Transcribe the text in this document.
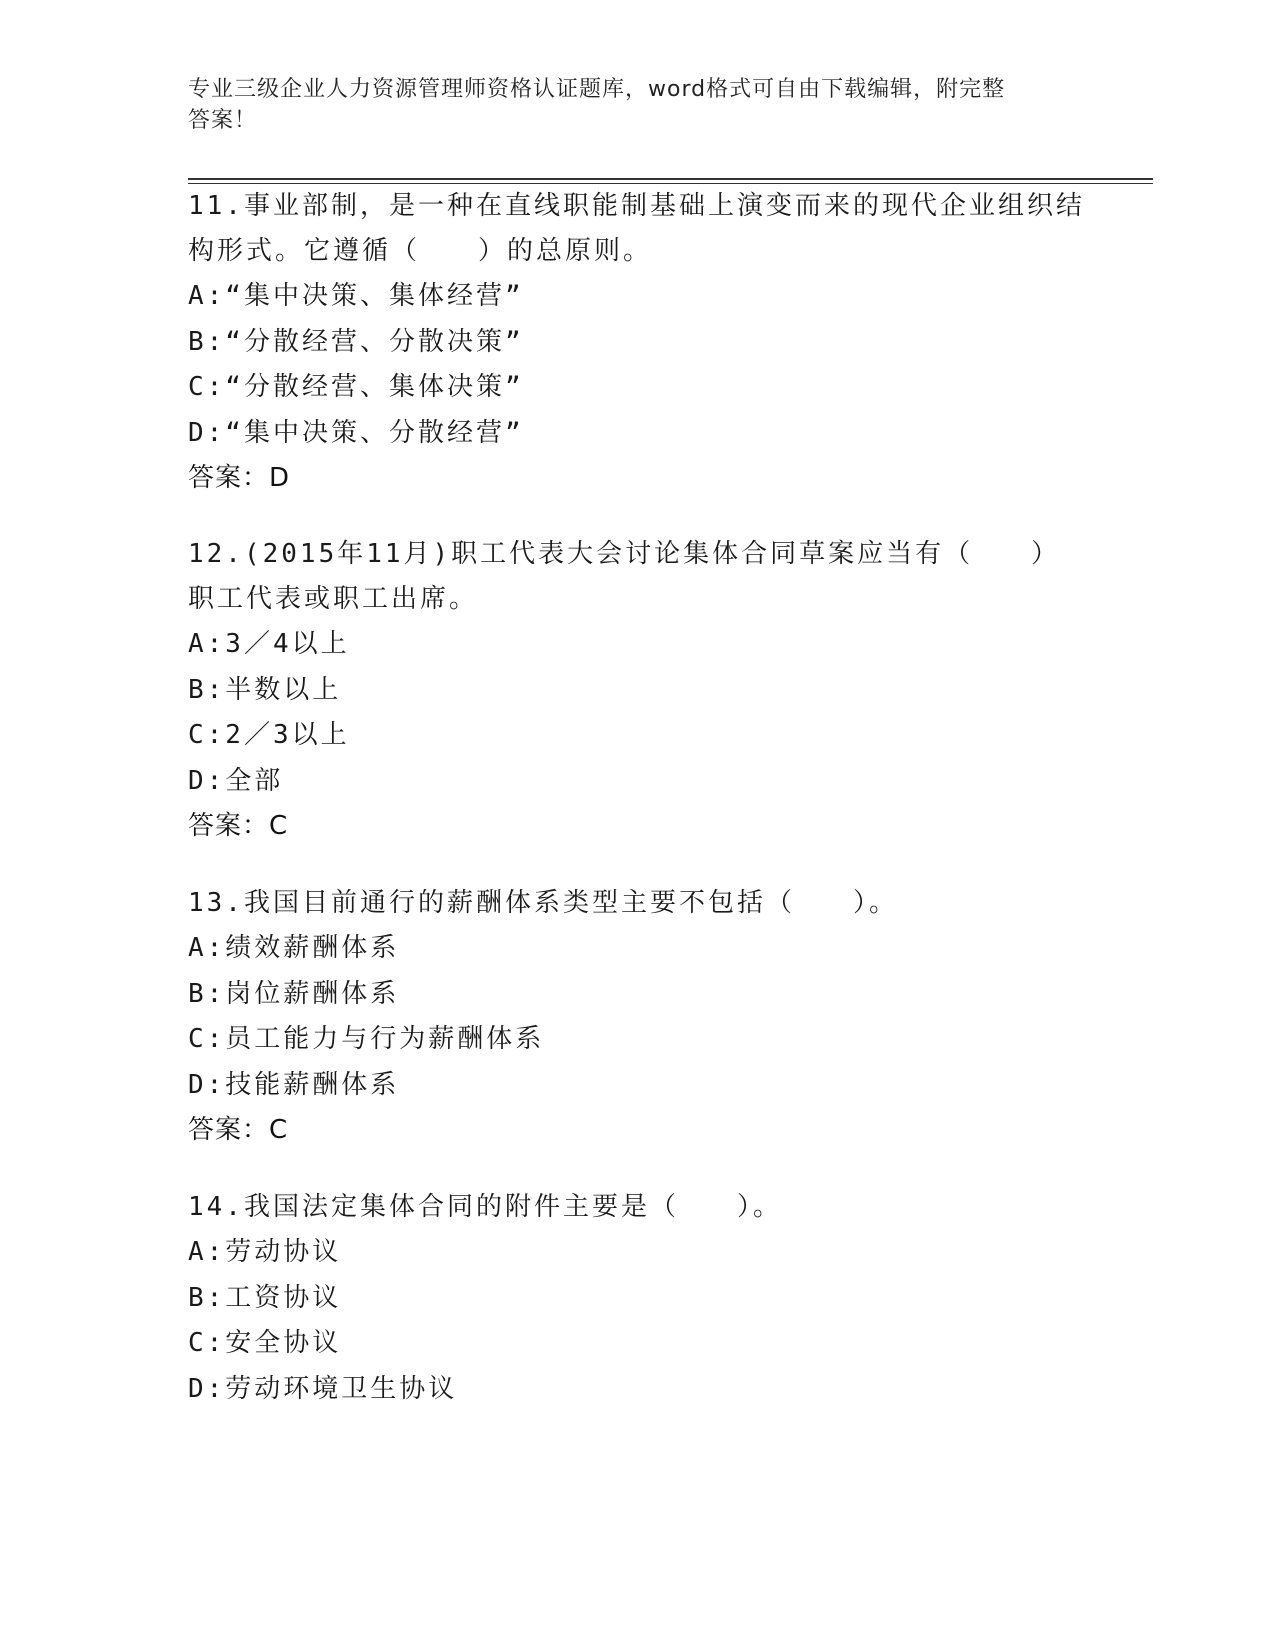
专业三级企业人力资源管理师资格认证题库，word格式可自由下载编辑，附完整
答案！
11.事业部制，是一种在直线职能制基础上演变而来的现代企业组织结构形式。它遵循（　　）的总原则。
A:“集中决策、集体经营”
B:“分散经营、分散决策”
C:“分散经营、集体决策”
D:“集中决策、分散经营”
答案：D
12.(2015年11月)职工代表大会讨论集体合同草案应当有（　　）职工代表或职工出席。
A:3／4以上
B:半数以上
C:2／3以上
D:全部
答案：C
13.我国目前通行的薪酬体系类型主要不包括（　　）。
A:绩效薪酬体系
B:岗位薪酬体系
C:员工能力与行为薪酬体系
D:技能薪酬体系
答案：C
14.我国法定集体合同的附件主要是（　　）。
A:劳动协议
B:工资协议
C:安全协议
D:劳动环境卫生协议
